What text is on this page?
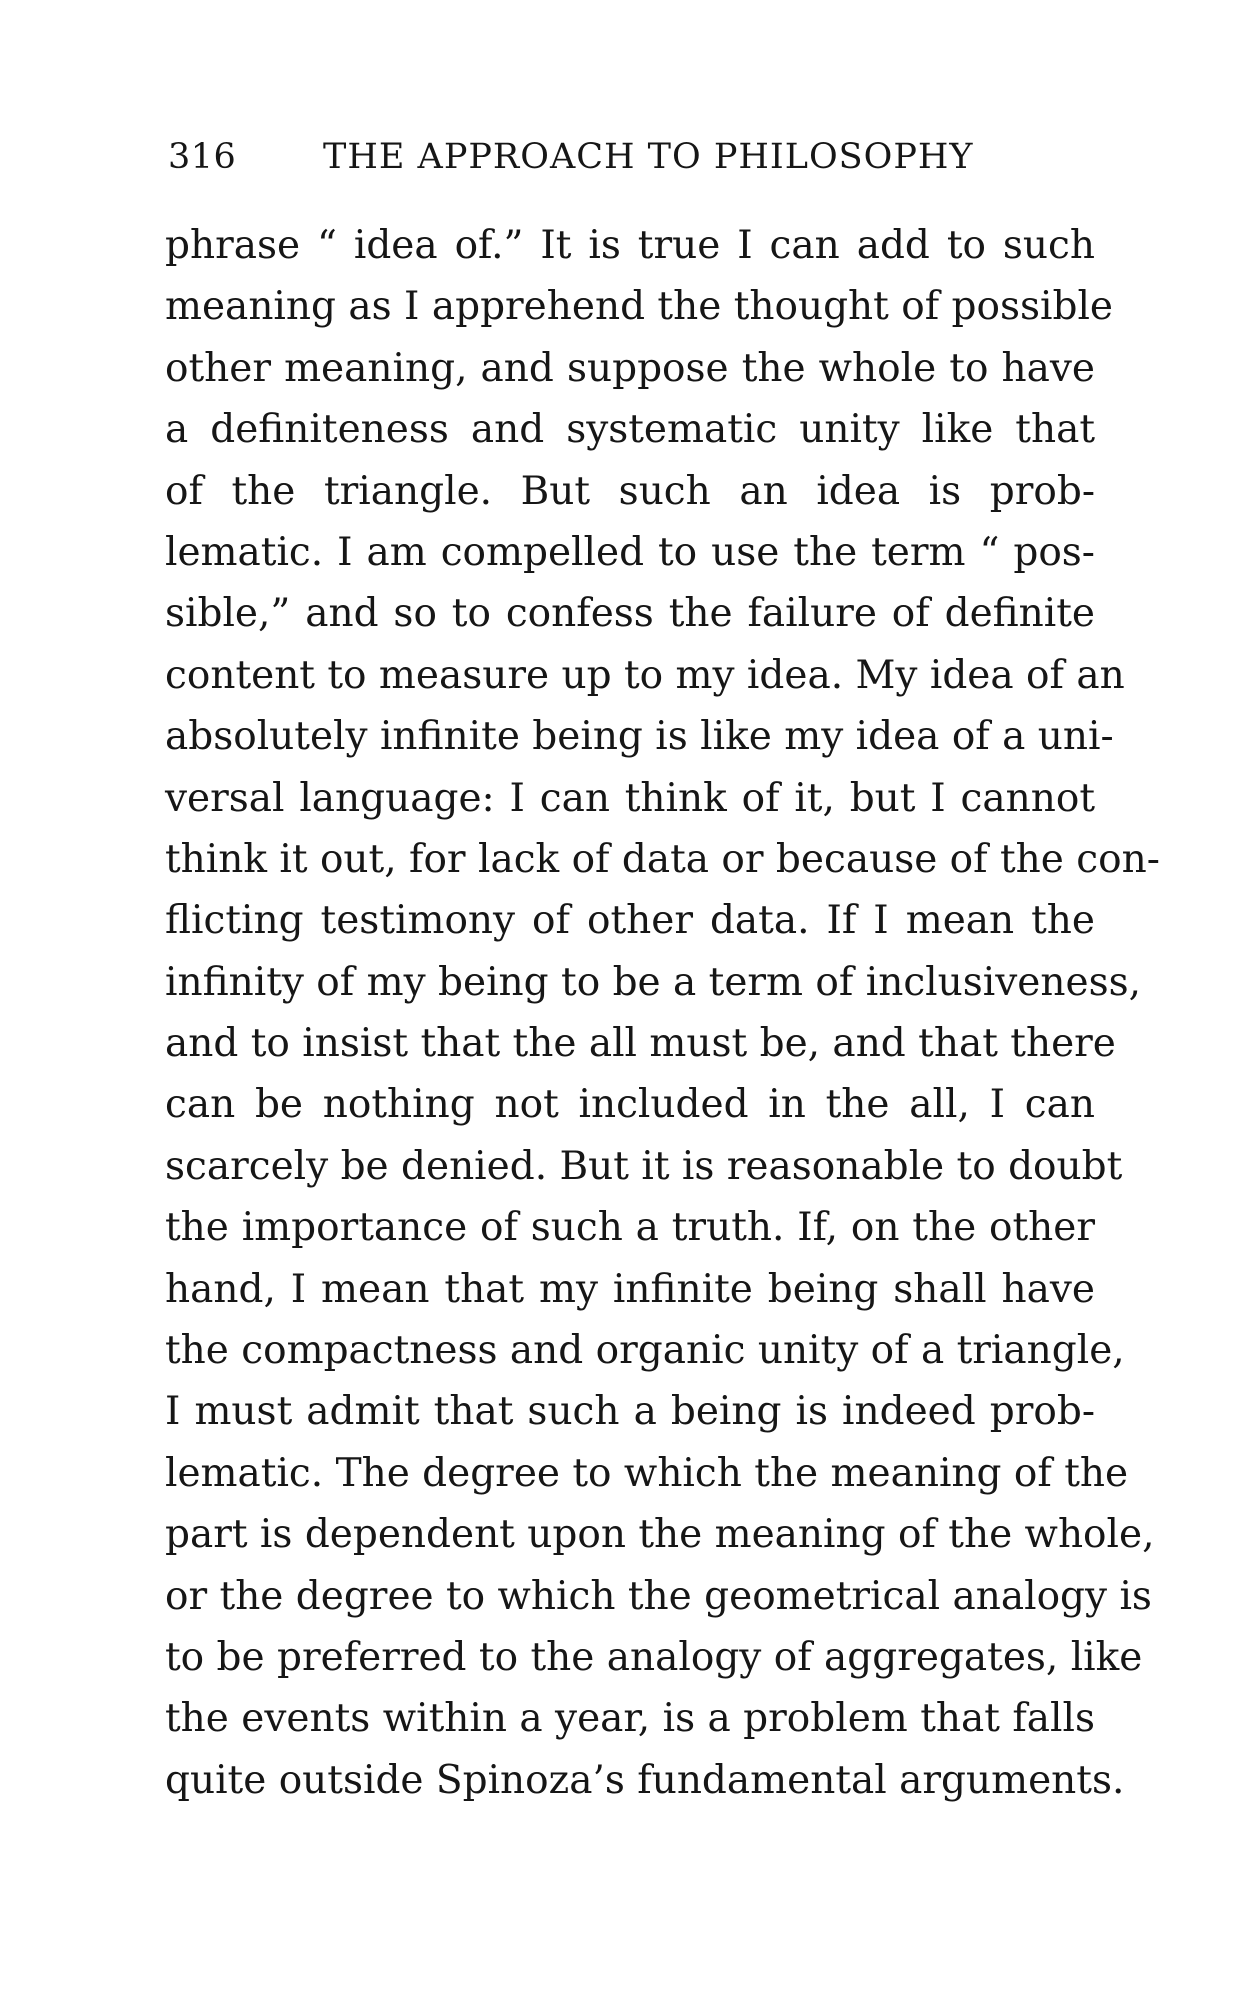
316 THE APPROACH TO PHILOSOPHY
phrase “ idea of.” It is true I can add to such
meaning as I apprehend the thought of possible
other meaning, and suppose the whole to have
a definiteness and systematic unity like that
of the triangle. But such an idea is prob-
lematic. I am compelled to use the term “ pos-
sible,” and so to confess the failure of definite
content to measure up to my idea. My idea of an
absolutely infinite being is like my idea of a uni-
versal language: I can think of it, but I cannot
think it out, for lack of data or because of the con-
flicting testimony of other data. If I mean the
infinity of my being to be a term of inclusiveness,
and to insist that the all must be, and that there
can be nothing not included in the all, I can
scarcely be denied. But it is reasonable to doubt
the importance of such a truth. If, on the other
hand, I mean that my infinite being shall have
the compactness and organic unity of a triangle,
I must admit that such a being is indeed prob-
lematic. The degree to which the meaning of the
part is dependent upon the meaning of the whole,
or the degree to which the geometrical analogy is
to be preferred to the analogy of aggregates, like
the events within a year, is a problem that falls
quite outside Spinoza’s fundamental arguments.
